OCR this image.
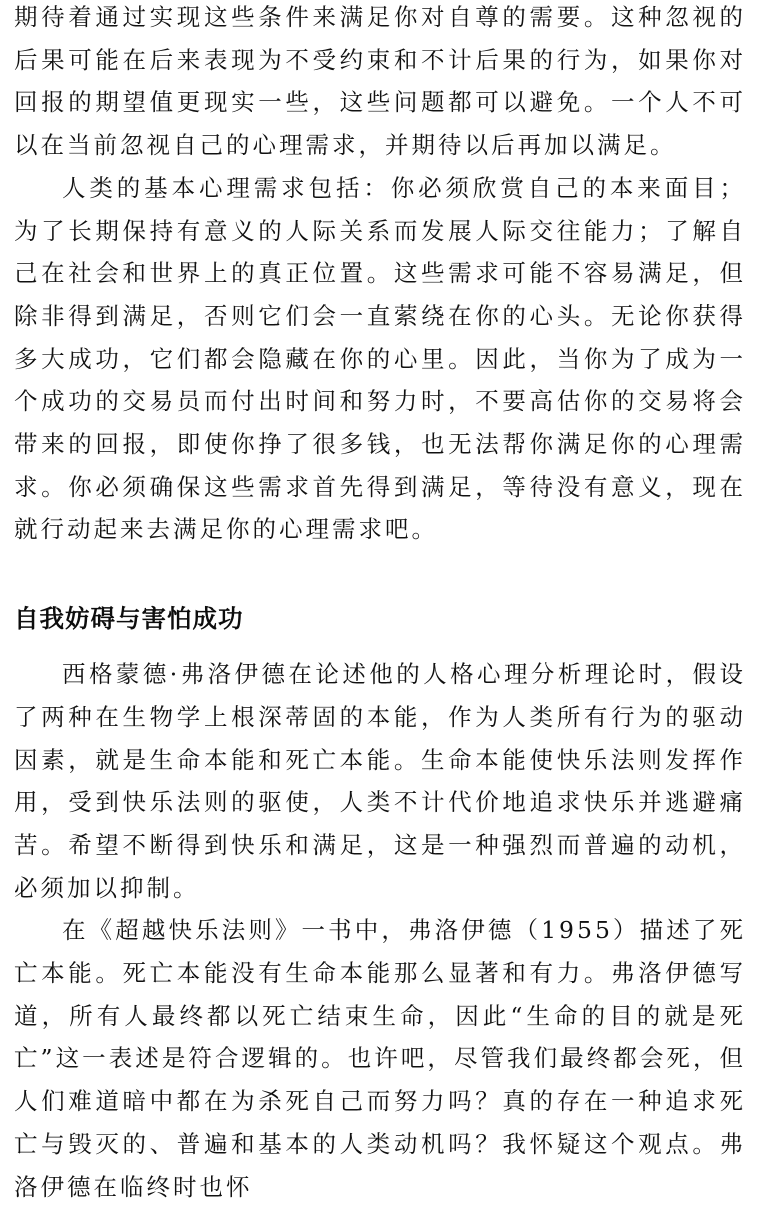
期待着通过实现这些条件来满足你对自尊的需要。这种忽视的后果可能在后来表现为不受约束和不计后果的行为，如果你对回报的期望值更现实一些，这些问题都可以避免。一个人不可以在当前忽视自己的心理需求，并期待以后再加以满足。

人类的基本心理需求包括：你必须欣赏自己的本来面目；为了长期保持有意义的人际关系而发展人际交往能力；了解自己在社会和世界上的真正位置。这些需求可能不容易满足，但除非得到满足，否则它们会一直萦绕在你的心头。无论你获得多大成功，它们都会隐藏在你的心里。因此，当你为了成为一个成功的交易员而付出时间和努力时，不要高估你的交易将会带来的回报，即使你挣了很多钱，也无法帮你满足你的心理需求。你必须确保这些需求首先得到满足，等待没有意义，现在就行动起来去满足你的心理需求吧。

自我妨碍与害怕成功

西格蒙德·弗洛伊德在论述他的人格心理分析理论时，假设了两种在生物学上根深蒂固的本能，作为人类所有行为的驱动因素，就是生命本能和死亡本能。生命本能使快乐法则发挥作用，受到快乐法则的驱使，人类不计代价地追求快乐并逃避痛苦。希望不断得到快乐和满足，这是一种强烈而普遍的动机，必须加以抑制。

在《超越快乐法则》一书中，弗洛伊德（1955）描述了死亡本能。死亡本能没有生命本能那么显著和有力。弗洛伊德写道，所有人最终都以死亡结束生命，因此“生命的目的就是死亡”这一表述是符合逻辑的。也许吧，尽管我们最终都会死，但人们难道暗中都在为杀死自己而努力吗？真的存在一种追求死亡与毁灭的、普遍和基本的人类动机吗？我怀疑这个观点。弗洛伊德在临终时也怀
